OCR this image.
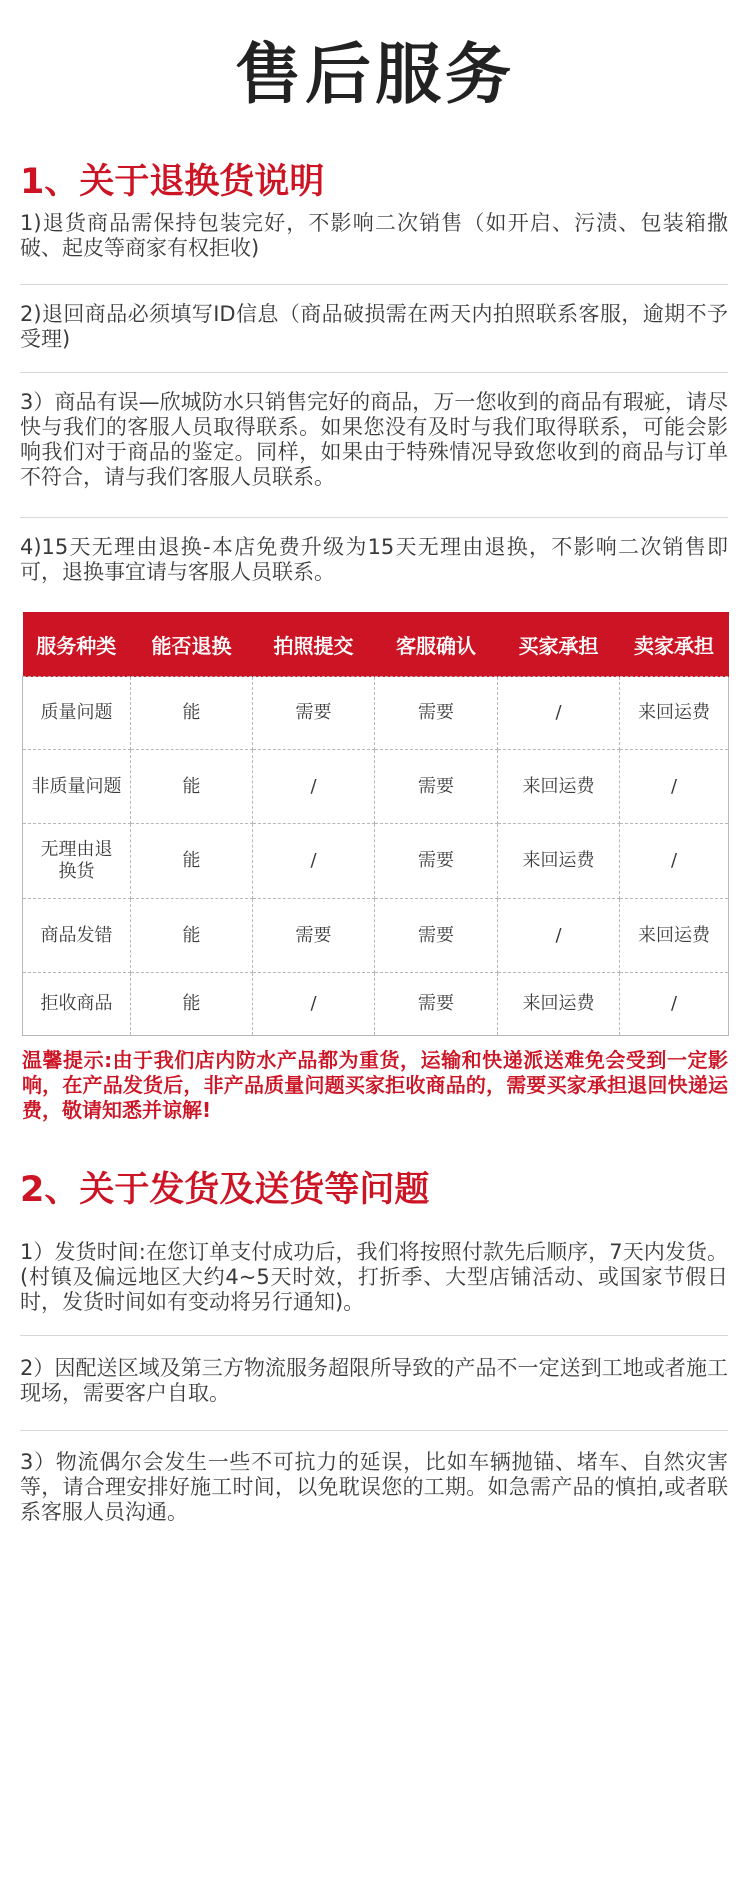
售后服务
1、关于退换货说明
1)退货商品需保持包装完好，不影响二次销售（如开启、污渍、包装箱撒破、起皮等商家有权拒收)
2)退回商品必须填写ID信息（商品破损需在两天内拍照联系客服，逾期不予受理)
3）商品有误—欣城防水只销售完好的商品，万一您收到的商品有瑕疵，请尽快与我们的客服人员取得联系。如果您没有及时与我们取得联系，可能会影响我们对于商品的鉴定。同样，如果由于特殊情况导致您收到的商品与订单不符合，请与我们客服人员联系。
4)15天无理由退换-本店免费升级为15天无理由退换，不影响二次销售即可，退换事宜请与客服人员联系。
服务种类	能否退换	拍照提交	客服确认	买家承担	卖家承担
质量问题	能	需要	需要	/	来回运费
非质量问题	能	/	需要	来回运费	/
无理由退换货	能	/	需要	来回运费	/
商品发错	能	需要	需要	/	来回运费
拒收商品	能	/	需要	来回运费	/
温馨提示:由于我们店内防水产品都为重货，运输和快递派送难免会受到一定影响，在产品发货后，非产品质量问题买家拒收商品的，需要买家承担退回快递运费，敬请知悉并谅解!
2、关于发货及送货等问题
1）发货时间:在您订单支付成功后，我们将按照付款先后顺序，7天内发货。(村镇及偏远地区大约4~5天时效，打折季、大型店铺活动、或国家节假日时，发货时间如有变动将另行通知)。
2）因配送区域及第三方物流服务超限所导致的产品不一定送到工地或者施工现场，需要客户自取。
3）物流偶尔会发生一些不可抗力的延误，比如车辆抛锚、堵车、自然灾害等，请合理安排好施工时间，以免耽误您的工期。如急需产品的慎拍,或者联系客服人员沟通。
